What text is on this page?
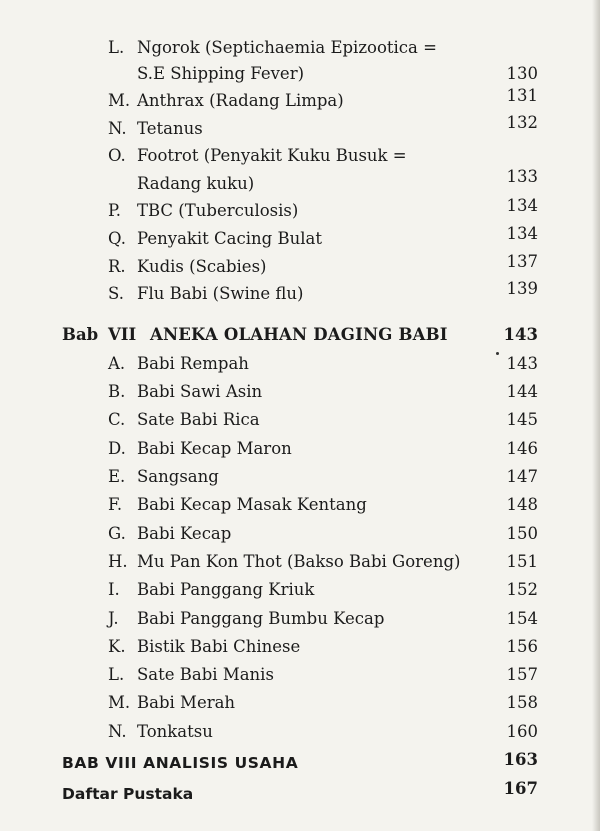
L. Ngorok (Septichaemia Epizootica =
S.E Shipping Fever)	130
M. Anthrax (Radang Limpa)	131
N. Tetanus	132
O. Footrot (Penyakit Kuku Busuk =
Radang kuku)	133
P. TBC (Tuberculosis)	134
Q. Penyakit Cacing Bulat	134
R. Kudis (Scabies)	137
S. Flu Babi (Swine flu)	139
Bab VII ANEKA OLAHAN DAGING BABI	143
A. Babi Rempah	143
B. Babi Sawi Asin	144
C. Sate Babi Rica	145
D. Babi Kecap Maron	146
E. Sangsang	147
F. Babi Kecap Masak Kentang	148
G. Babi Kecap	150
H. Mu Pan Kon Thot (Bakso Babi Goreng)	151
I. Babi Panggang Kriuk	152
J. Babi Panggang Bumbu Kecap	154
K. Bistik Babi Chinese	156
L. Sate Babi Manis	157
M. Babi Merah	158
N. Tonkatsu	160
BAB VIII ANALISIS USAHA	163
Daftar Pustaka	167
